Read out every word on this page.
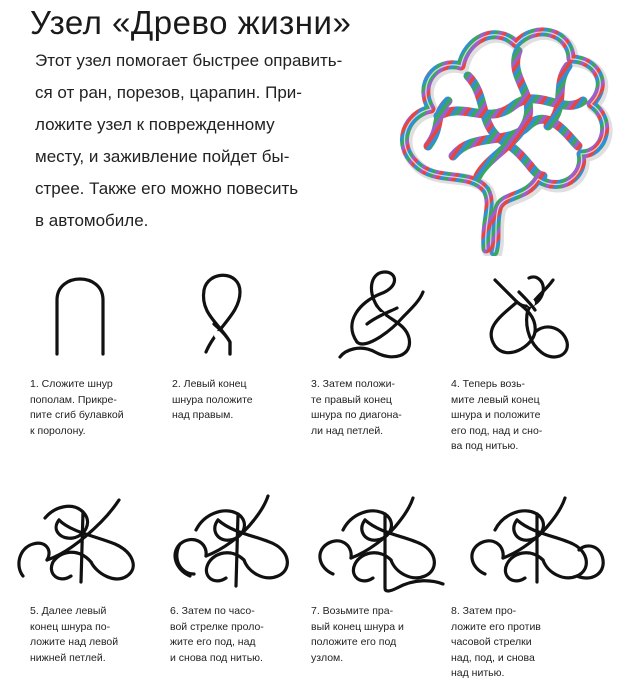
Узел «Древо жизни»
Этот узел помогает быстрее оправить-
ся от ран, порезов, царапин. При-
ложите узел к поврежденному
месту, и заживление пойдет бы-
стрее. Также его можно повесить
в автомобиле.
1. Сложите шнур
пополам. Прикре-
пите сгиб булавкой
к поролону.
2. Левый конец
шнура положите
над правым.
3. Затем положи-
те правый конец
шнура по диагона-
ли над петлей.
4. Теперь возь-
мите левый конец
шнура и положите
его под, над и сно-
ва под нитью.
5. Далее левый
конец шнура по-
ложите над левой
нижней петлей.
6. Затем по часо-
вой стрелке проло-
жите его под, над
и снова под нитью.
7. Возьмите пра-
вый конец шнура и
положите его под
узлом.
8. Затем про-
ложите его против
часовой стрелки
над, под, и снова
над нитью.
